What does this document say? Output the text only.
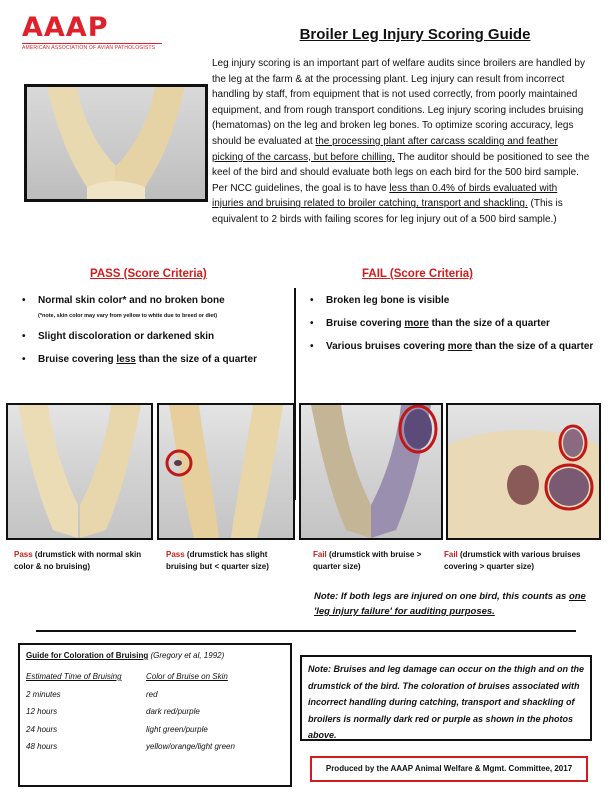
AAAP
AMERICAN ASSOCIATION OF AVIAN PATHOLOGISTS
Broiler Leg Injury Scoring Guide
Leg injury scoring is an important part of welfare audits since broilers are handled by the leg at the farm & at the processing plant. Leg injury can result from incorrect handling by staff, from equipment that is not used correctly, from poorly maintained equipment, and from rough transport conditions. Leg injury scoring includes bruising (hematomas) on the leg and broken leg bones. To optimize scoring accuracy, legs should be evaluated at the processing plant after carcass scalding and feather picking of the carcass, but before chilling. The auditor should be positioned to see the keel of the bird and should evaluate both legs on each bird for the 500 bird sample. Per NCC guidelines, the goal is to have less than 0.4% of birds evaluated with injuries and bruising related to broiler catching, transport and shackling. (This is equivalent to 2 birds with failing scores for leg injury out of a 500 bird sample.)
PASS (Score Criteria)	FAIL (Score Criteria)
• Normal skin color* and no broken bone
(*note, skin color may vary from yellow to white due to breed or diet)
• Slight discoloration or darkened skin
• Bruise covering less than the size of a quarter
• Broken leg bone is visible
• Bruise covering more than the size of a quarter
• Various bruises covering more than the size of a quarter
Pass (drumstick with normal skin color & no bruising)
Pass (drumstick has slight bruising but < quarter size)
Fail (drumstick with bruise > quarter size)
Fail (drumstick with various bruises covering > quarter size)
Note: If both legs are injured on one bird, this counts as one 'leg injury failure' for auditing purposes.
Guide for Coloration of Bruising (Gregory et al, 1992)
Estimated Time of Bruising	Color of Bruise on Skin
2 minutes	red
12 hours	dark red/purple
24 hours	light green/purple
48 hours	yellow/orange/light green
Note: Bruises and leg damage can occur on the thigh and on the drumstick of the bird. The coloration of bruises associated with incorrect handling during catching, transport and shackling of broilers is normally dark red or purple as shown in the photos above.
Produced by the AAAP Animal Welfare & Mgmt. Committee, 2017
